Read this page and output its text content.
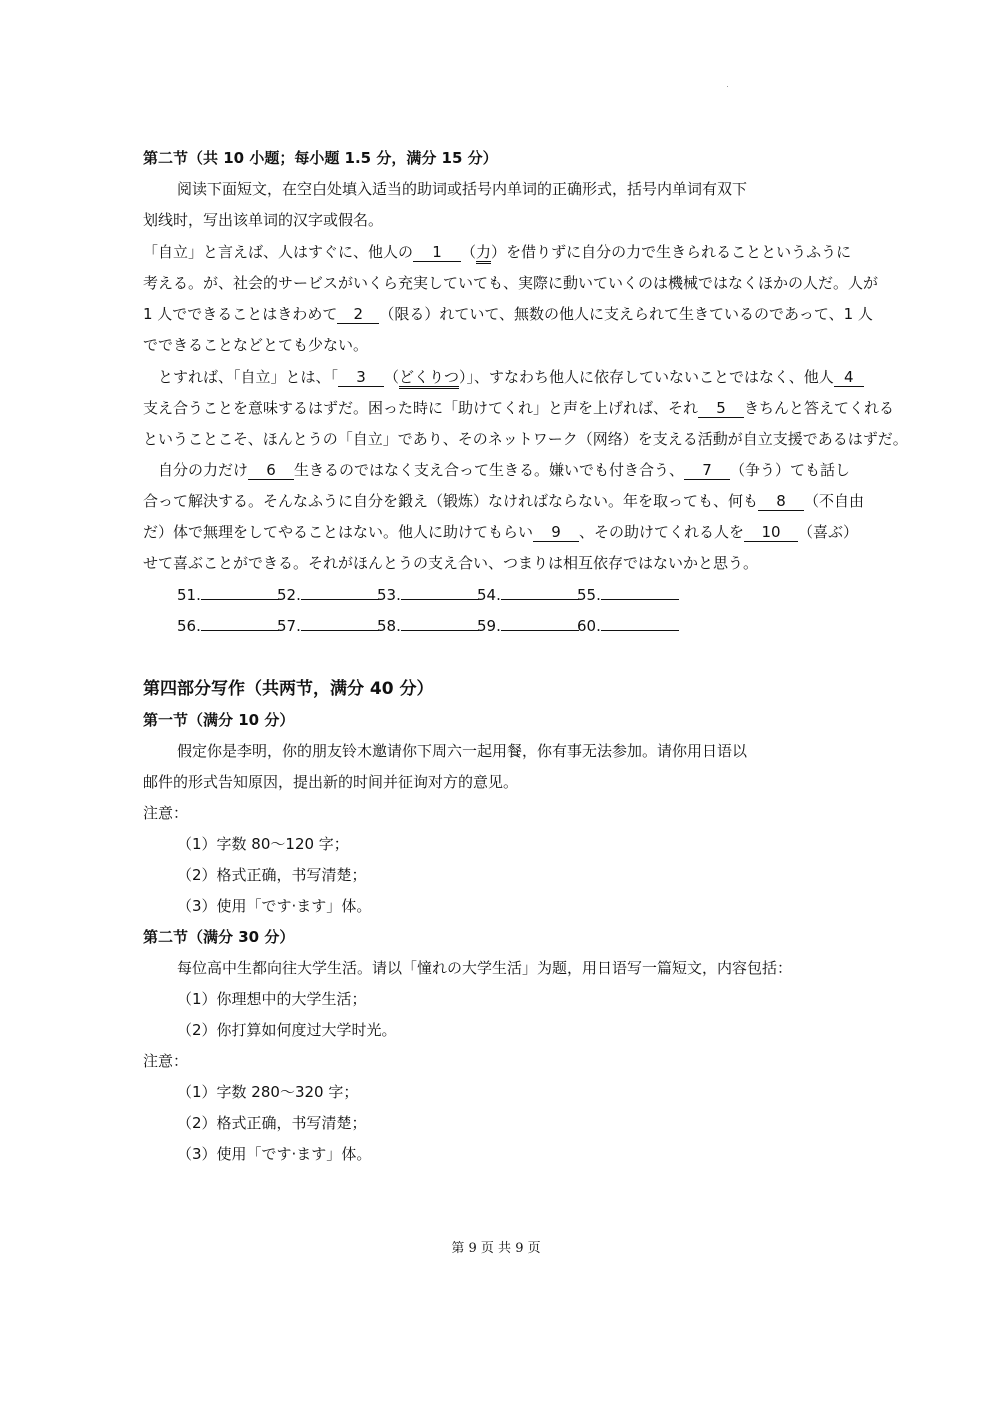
第二节（共 10 小题；每小题 1.5 分，满分 15 分）
阅读下面短文，在空白处填入适当的助词或括号内单词的正确形式，括号内单词有双下
划线时，写出该单词的汉字或假名。
「自立」と言えば、人はすぐに、他人の 1 （力）を借りずに自分の力で生きられることというふうに
考える。が、社会的サービスがいくら充実していても、実際に動いていくのは機械ではなくほかの人だ。人が
1 人でできることはきわめて 2 （限る）れていて、無数の他人に支えられて生きているのであって、1 人
でできることなどとても少ない。
とすれば、「自立」とは、「 3 （どくりつ）」、すなわち他人に依存していないことではなく、他人 4
支え合うことを意味するはずだ。困った時に「助けてくれ」と声を上げれば、それ 5 きちんと答えてくれる
ということこそ、ほんとうの「自立」であり、そのネットワーク（网络）を支える活動が自立支援であるはずだ。
自分の力だけ 6 生きるのではなく支え合って生きる。嫌いでも付き合う、 7 （争う）ても話し
合って解決する。そんなふうに自分を鍛え（锻炼）なければならない。年を取っても、何も 8 （不自由
だ）体で無理をしてやることはない。他人に助けてもらい 9 、その助けてくれる人を 10 （喜ぶ）
せて喜ぶことができる。それがほんとうの支え合い、つまりは相互依存ではないかと思う。
51.	52.	53.	54.	55.
56.	57.	58.	59.	60.
第四部分写作（共两节，满分 40 分）
第一节（满分 10 分）
假定你是李明，你的朋友铃木邀请你下周六一起用餐，你有事无法参加。请你用日语以
邮件的形式告知原因，提出新的时间并征询对方的意见。
注意：
（1）字数 80～120 字；
（2）格式正确，书写清楚；
（3）使用「です·ます」体。
第二节（满分 30 分）
每位高中生都向往大学生活。请以「憧れの大学生活」为题，用日语写一篇短文，内容包括：
（1）你理想中的大学生活；
（2）你打算如何度过大学时光。
注意：
（1）字数 280～320 字；
（2）格式正确，书写清楚；
（3）使用「です·ます」体。
第 9 页 共 9 页
